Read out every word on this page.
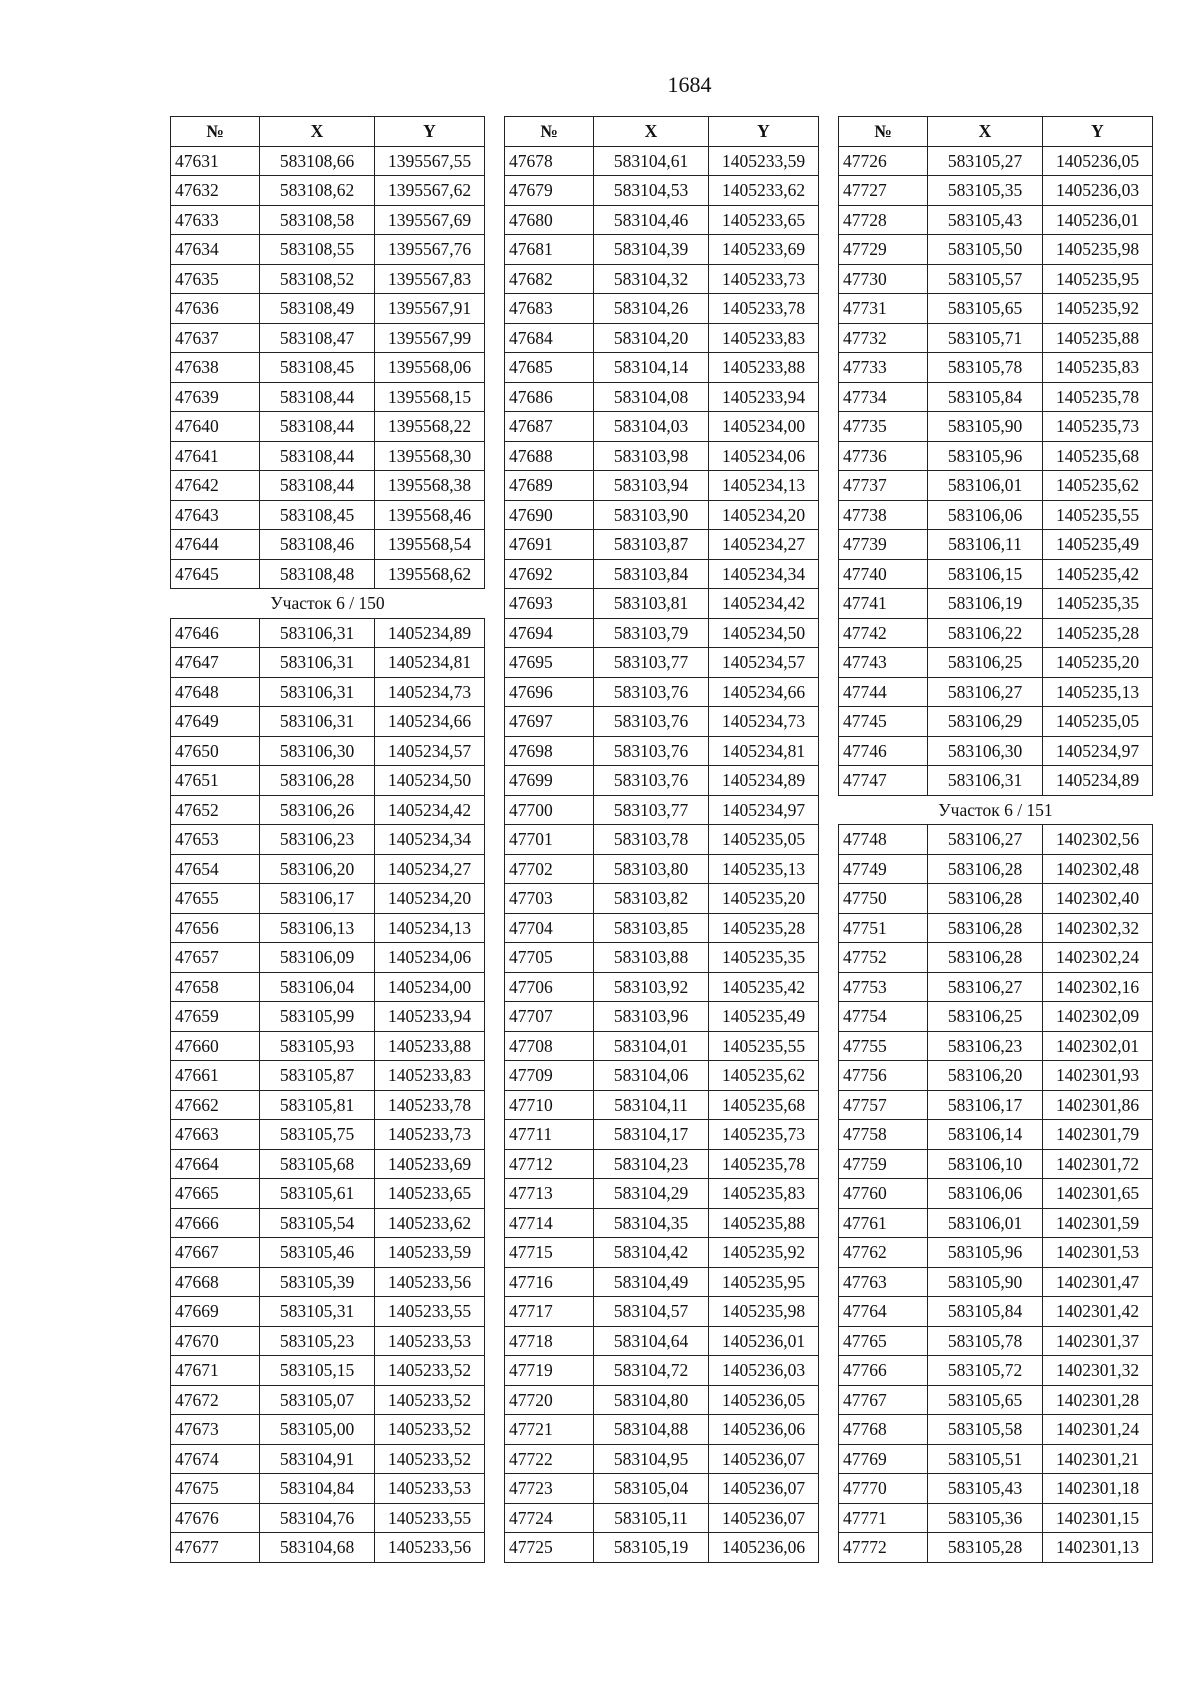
1684
№	X	Y
47631	583108,66	1395567,55
47632	583108,62	1395567,62
47633	583108,58	1395567,69
47634	583108,55	1395567,76
47635	583108,52	1395567,83
47636	583108,49	1395567,91
47637	583108,47	1395567,99
47638	583108,45	1395568,06
47639	583108,44	1395568,15
47640	583108,44	1395568,22
47641	583108,44	1395568,30
47642	583108,44	1395568,38
47643	583108,45	1395568,46
47644	583108,46	1395568,54
47645	583108,48	1395568,62
Участок 6 / 150		
47646	583106,31	1405234,89
47647	583106,31	1405234,81
47648	583106,31	1405234,73
47649	583106,31	1405234,66
47650	583106,30	1405234,57
47651	583106,28	1405234,50
47652	583106,26	1405234,42
47653	583106,23	1405234,34
47654	583106,20	1405234,27
47655	583106,17	1405234,20
47656	583106,13	1405234,13
47657	583106,09	1405234,06
47658	583106,04	1405234,00
47659	583105,99	1405233,94
47660	583105,93	1405233,88
47661	583105,87	1405233,83
47662	583105,81	1405233,78
47663	583105,75	1405233,73
47664	583105,68	1405233,69
47665	583105,61	1405233,65
47666	583105,54	1405233,62
47667	583105,46	1405233,59
47668	583105,39	1405233,56
47669	583105,31	1405233,55
47670	583105,23	1405233,53
47671	583105,15	1405233,52
47672	583105,07	1405233,52
47673	583105,00	1405233,52
47674	583104,91	1405233,52
47675	583104,84	1405233,53
47676	583104,76	1405233,55
47677	583104,68	1405233,56
№	X	Y
47678	583104,61	1405233,59
47679	583104,53	1405233,62
47680	583104,46	1405233,65
47681	583104,39	1405233,69
47682	583104,32	1405233,73
47683	583104,26	1405233,78
47684	583104,20	1405233,83
47685	583104,14	1405233,88
47686	583104,08	1405233,94
47687	583104,03	1405234,00
47688	583103,98	1405234,06
47689	583103,94	1405234,13
47690	583103,90	1405234,20
47691	583103,87	1405234,27
47692	583103,84	1405234,34
47693	583103,81	1405234,42
47694	583103,79	1405234,50
47695	583103,77	1405234,57
47696	583103,76	1405234,66
47697	583103,76	1405234,73
47698	583103,76	1405234,81
47699	583103,76	1405234,89
47700	583103,77	1405234,97
47701	583103,78	1405235,05
47702	583103,80	1405235,13
47703	583103,82	1405235,20
47704	583103,85	1405235,28
47705	583103,88	1405235,35
47706	583103,92	1405235,42
47707	583103,96	1405235,49
47708	583104,01	1405235,55
47709	583104,06	1405235,62
47710	583104,11	1405235,68
47711	583104,17	1405235,73
47712	583104,23	1405235,78
47713	583104,29	1405235,83
47714	583104,35	1405235,88
47715	583104,42	1405235,92
47716	583104,49	1405235,95
47717	583104,57	1405235,98
47718	583104,64	1405236,01
47719	583104,72	1405236,03
47720	583104,80	1405236,05
47721	583104,88	1405236,06
47722	583104,95	1405236,07
47723	583105,04	1405236,07
47724	583105,11	1405236,07
47725	583105,19	1405236,06
№	X	Y
47726	583105,27	1405236,05
47727	583105,35	1405236,03
47728	583105,43	1405236,01
47729	583105,50	1405235,98
47730	583105,57	1405235,95
47731	583105,65	1405235,92
47732	583105,71	1405235,88
47733	583105,78	1405235,83
47734	583105,84	1405235,78
47735	583105,90	1405235,73
47736	583105,96	1405235,68
47737	583106,01	1405235,62
47738	583106,06	1405235,55
47739	583106,11	1405235,49
47740	583106,15	1405235,42
47741	583106,19	1405235,35
47742	583106,22	1405235,28
47743	583106,25	1405235,20
47744	583106,27	1405235,13
47745	583106,29	1405235,05
47746	583106,30	1405234,97
47747	583106,31	1405234,89
Участок 6 / 151		
47748	583106,27	1402302,56
47749	583106,28	1402302,48
47750	583106,28	1402302,40
47751	583106,28	1402302,32
47752	583106,28	1402302,24
47753	583106,27	1402302,16
47754	583106,25	1402302,09
47755	583106,23	1402302,01
47756	583106,20	1402301,93
47757	583106,17	1402301,86
47758	583106,14	1402301,79
47759	583106,10	1402301,72
47760	583106,06	1402301,65
47761	583106,01	1402301,59
47762	583105,96	1402301,53
47763	583105,90	1402301,47
47764	583105,84	1402301,42
47765	583105,78	1402301,37
47766	583105,72	1402301,32
47767	583105,65	1402301,28
47768	583105,58	1402301,24
47769	583105,51	1402301,21
47770	583105,43	1402301,18
47771	583105,36	1402301,15
47772	583105,28	1402301,13
